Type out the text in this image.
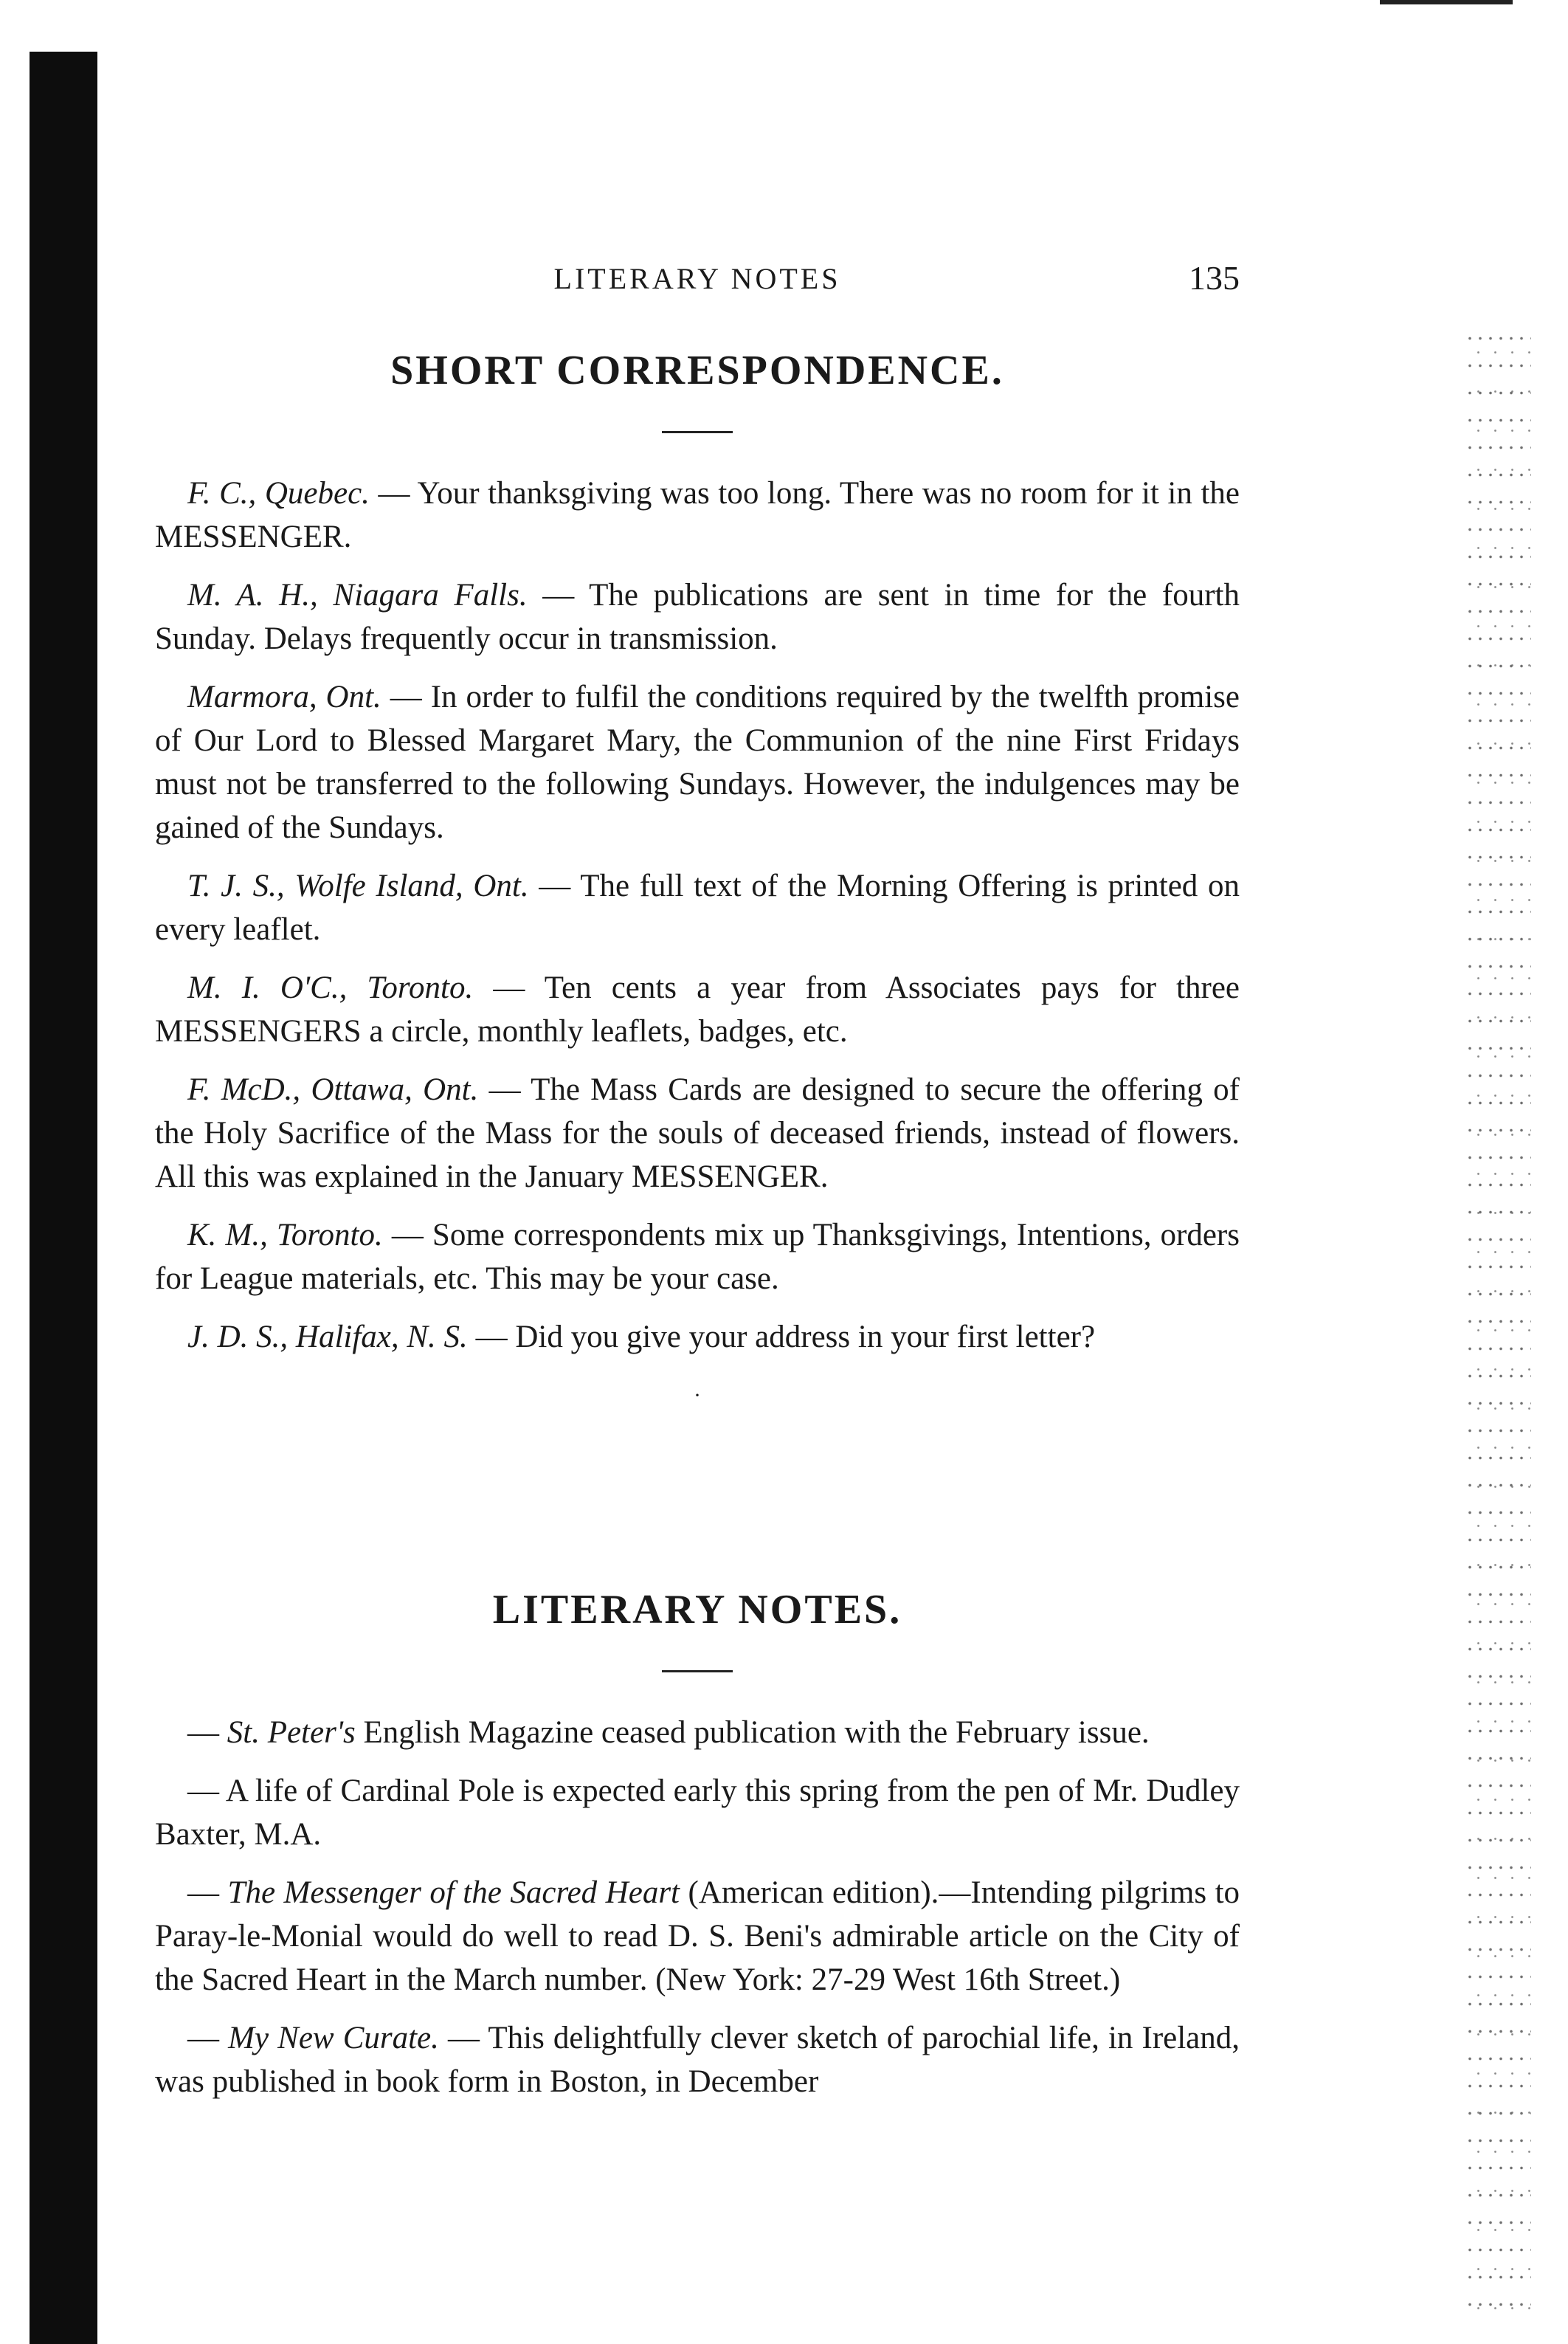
LITERARY NOTES	135
SHORT CORRESPONDENCE.

F. C., Quebec. — Your thanksgiving was too long. There was no room for it in the MESSENGER.

M. A. H., Niagara Falls. — The publications are sent in time for the fourth Sunday. Delays frequently occur in transmission.

Marmora, Ont. — In order to fulfil the conditions required by the twelfth promise of Our Lord to Blessed Margaret Mary, the Communion of the nine First Fridays must not be transferred to the following Sundays. However, the indulgences may be gained of the Sundays.

T. J. S., Wolfe Island, Ont. — The full text of the Morning Offering is printed on every leaflet.

M. I. O'C., Toronto. — Ten cents a year from Associates pays for three MESSENGERS a circle, monthly leaflets, badges, etc.

F. McD., Ottawa, Ont. — The Mass Cards are designed to secure the offering of the Holy Sacrifice of the Mass for the souls of deceased friends, instead of flowers. All this was explained in the January MESSENGER.

K. M., Toronto. — Some correspondents mix up Thanksgivings, Intentions, orders for League materials, etc. This may be your case.

J. D. S., Halifax, N. S. — Did you give your address in your first letter?

·
LITERARY NOTES.

— St. Peter's English Magazine ceased publication with the February issue.

— A life of Cardinal Pole is expected early this spring from the pen of Mr. Dudley Baxter, M.A.

— The Messenger of the Sacred Heart (American edition).—Intending pilgrims to Paray-le-Monial would do well to read D. S. Beni's admirable article on the City of the Sacred Heart in the March number. (New York: 27-29 West 16th Street.)

— My New Curate. — This delightfully clever sketch of parochial life, in Ireland, was published in book form in Boston, in December
